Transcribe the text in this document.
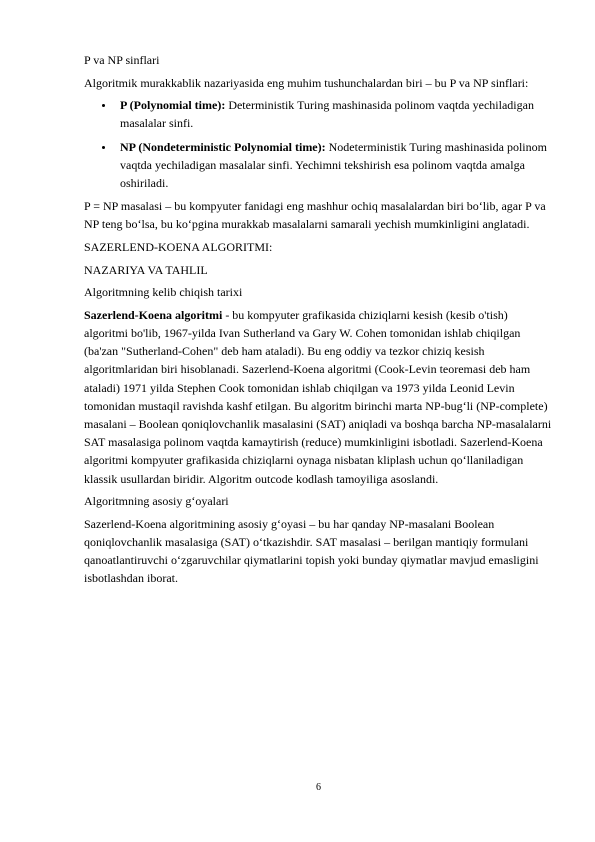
P va NP sinflari

Algoritmik murakkablik nazariyasida eng muhim tushunchalardan biri – bu P va NP sinflari:

P (Polynomial time): Deterministik Turing mashinasida polinom vaqtda yechiladigan masalalar sinfi.
NP (Nondeterministic Polynomial time): Nodeterministik Turing mashinasida polinom vaqtda yechiladigan masalalar sinfi. Yechimni tekshirish esa polinom vaqtda amalga oshiriladi.

P = NP masalasi – bu kompyuter fanidagi eng mashhur ochiq masalalardan biri bo‘lib, agar P va NP teng bo‘lsa, bu ko‘pgina murakkab masalalarni samarali yechish mumkinligini anglatadi.

SAZERLEND-KOENA ALGORITMI:

NAZARIYA VA TAHLIL

Algoritmning kelib chiqish tarixi

Sazerlend-Koena algoritmi - bu kompyuter grafikasida chiziqlarni kesish (kesib o'tish) algoritmi bo'lib, 1967-yilda Ivan Sutherland va Gary W. Cohen tomonidan ishlab chiqilgan (ba'zan "Sutherland-Cohen" deb ham ataladi). Bu eng oddiy va tezkor chiziq kesish algoritmlaridan biri hisoblanadi. Sazerlend-Koena algoritmi (Cook-Levin teoremasi deb ham ataladi) 1971 yilda Stephen Cook tomonidan ishlab chiqilgan va 1973 yilda Leonid Levin tomonidan mustaqil ravishda kashf etilgan. Bu algoritm birinchi marta NP-bug‘li (NP-complete) masalani – Boolean qoniqlovchanlik masalasini (SAT) aniqladi va boshqa barcha NP-masalalarni SAT masalasiga polinom vaqtda kamaytirish (reduce) mumkinligini isbotladi. Sazerlend-Koena algoritmi kompyuter grafikasida chiziqlarni oynaga nisbatan kliplash uchun qo‘llaniladigan klassik usullardan biridir. Algoritm outcode kodlash tamoyiliga asoslandi.

Algoritmning asosiy g‘oyalari

Sazerlend-Koena algoritmining asosiy g‘oyasi – bu har qanday NP-masalani Boolean qoniqlovchanlik masalasiga (SAT) o‘tkazishdir. SAT masalasi – berilgan mantiqiy formulani qanoatlantiruvchi o‘zgaruvchilar qiymatlarini topish yoki bunday qiymatlar mavjud emasligini isbotlashdan iborat.

6
